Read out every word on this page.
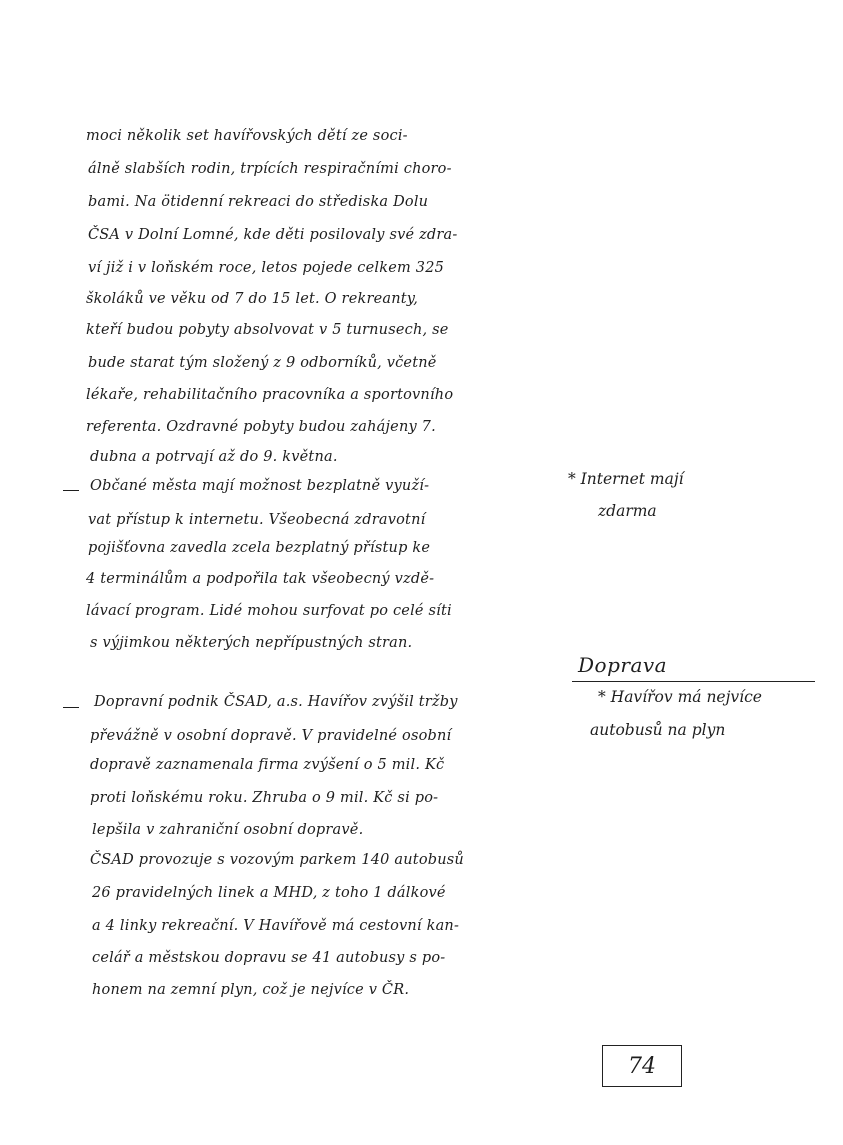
moci několik set havířovských dětí ze soci-
álně slabších rodin, trpících respiračními choro-
bami. Na ötidenní rekreaci do střediska Dolu
ČSA v Dolní Lomné, kde děti posilovaly své zdra-
ví již i v loňském roce, letos pojede celkem 325
školáků ve věku od 7 do 15 let. O rekreanty,
kteří budou pobyty absolvovat v 5 turnusech, se
bude starat tým složený z 9 odborníků, včetně
lékaře, rehabilitačního pracovníka a sportovního
referenta. Ozdravné pobyty budou zahájeny 7.
dubna a potrvají až do 9. května.
Občané města mají možnost bezplatně využí-
vat přístup k internetu. Všeobecná zdravotní
pojišťovna zavedla zcela bezplatný přístup ke
4 terminálům a podpořila tak všeobecný vzdě-
lávací program. Lidé mohou surfovat po celé síti
s výjimkou některých nepřípustných stran.
* Internet mají
zdarma
Doprava
Dopravní podnik ČSAD, a.s. Havířov zvýšil tržby
převážně v osobní dopravě. V pravidelné osobní
dopravě zaznamenala firma zvýšení o 5 mil. Kč
proti loňskému roku. Zhruba o 9 mil. Kč si po-
lepšila v zahraniční osobní dopravě.
ČSAD provozuje s vozovým parkem 140 autobusů
26 pravidelných linek a MHD, z toho 1 dálkové
a 4 linky rekreační. V Havířově má cestovní kan-
celář a městskou dopravu se 41 autobusy s po-
honem na zemní plyn, což je nejvíce v ČR.
* Havířov má nejvíce
autobusů na plyn
74
